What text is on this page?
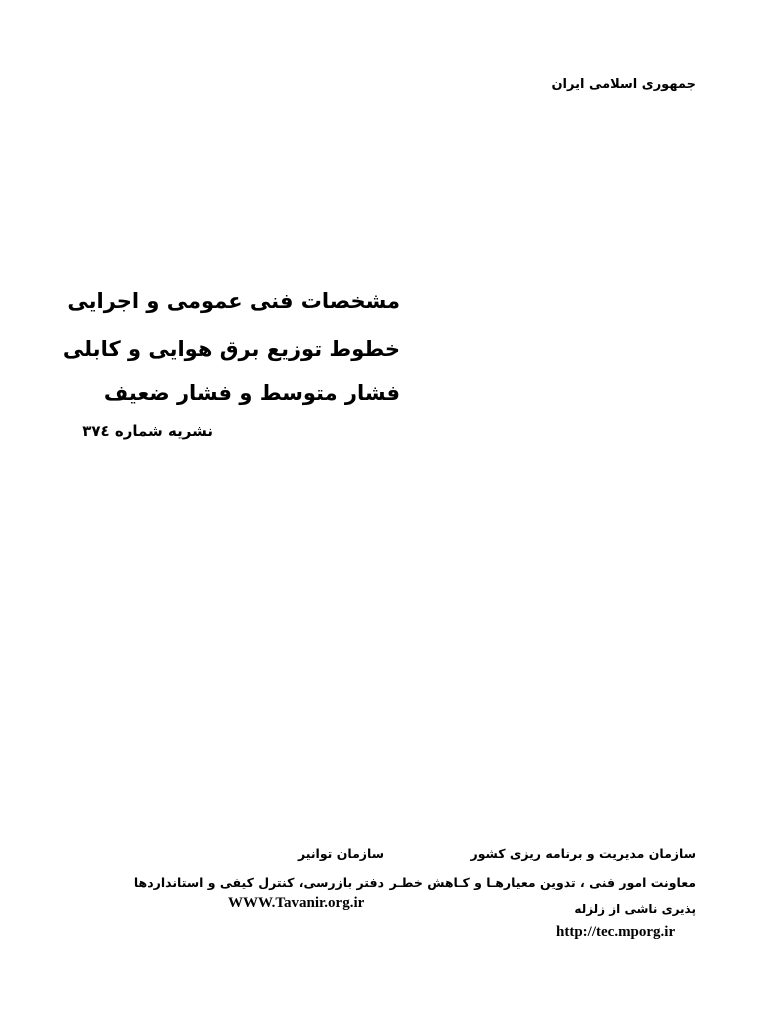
جمهوری اسلامی ایران
مشخصات فنی عمومی و اجرایی
خطوط توزیع برق هوایی و کابلی
فشار متوسط و فشار ضعیف
نشریه شماره ٣٧٤
سازمان مدیریت و برنامه ریزی کشور
معاونت امور فنی ، تدوین معیارهـا و کـاهش خطـر
پذیری ناشی از زلزله
http://tec.mporg.ir
سازمان توانیر
دفتر بازرسی، کنترل کیفی و استانداردها
WWW.Tavanir.org.ir
